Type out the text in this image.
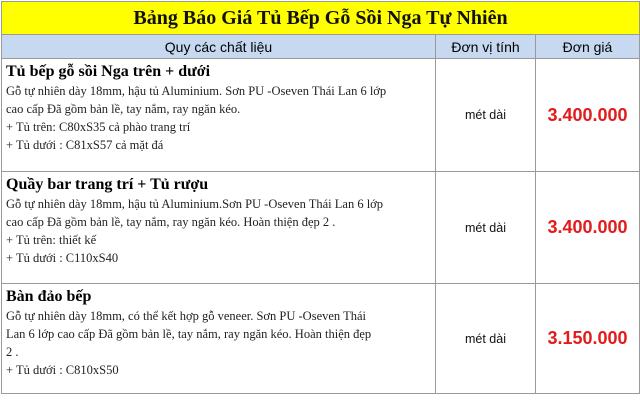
Bảng Báo Giá Tủ Bếp Gỗ Sồi Nga Tự Nhiên		
Quy các chất liệu	Đơn vị tính	Đơn giá

Tủ bếp gỗ sồi Nga trên + dưới
Gỗ tự nhiên dày 18mm, hậu tủ Aluminium. Sơn PU -Oseven Thái Lan 6 lớp
cao cấp Đã gồm bản lề, tay nắm, ray ngăn kéo.
+ Tủ trên: C80xS35 cả phào trang trí
+ Tủ dưới : C81xS57 cả mặt đá	mét dài	3.400.000

Quầy bar trang trí + Tủ rượu
Gỗ tự nhiên dày 18mm, hậu tủ Aluminium.Sơn PU -Oseven Thái Lan 6 lớp
cao cấp Đã gồm bản lề, tay nắm, ray ngăn kéo. Hoàn thiện đẹp 2 .
+ Tủ trên: thiết kế
+ Tủ dưới : C110xS40	mét dài	3.400.000

Bàn đảo bếp
Gỗ tự nhiên dày 18mm, có thể kết hợp gỗ veneer. Sơn PU -Oseven Thái
Lan 6 lớp cao cấp Đã gồm bản lề, tay nắm, ray ngăn kéo. Hoàn thiện đẹp
2 .
+ Tủ dưới : C810xS50	mét dài	3.150.000
